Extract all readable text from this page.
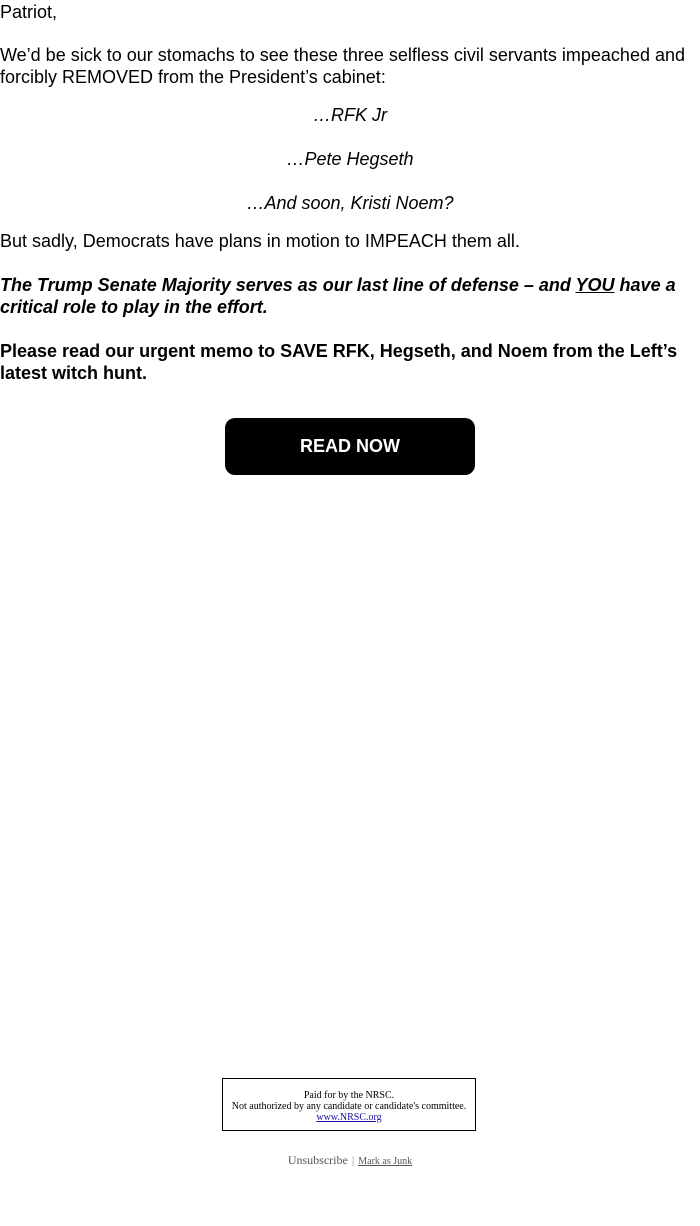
Patriot,

We’d be sick to our stomachs to see these three selfless civil servants impeached and forcibly REMOVED from the President’s cabinet:

…RFK Jr
…Pete Hegseth
…And soon, Kristi Noem?

But sadly, Democrats have plans in motion to IMPEACH them all.

The Trump Senate Majority serves as our last line of defense – and YOU have a critical role to play in the effort.

Please read our urgent memo to SAVE RFK, Hegseth, and Noem from the Left’s latest witch hunt.

READ NOW
Paid for by the NRSC.
Not authorized by any candidate or candidate's committee.
www.NRSC.org
Unsubscribe | Mark as Junk
